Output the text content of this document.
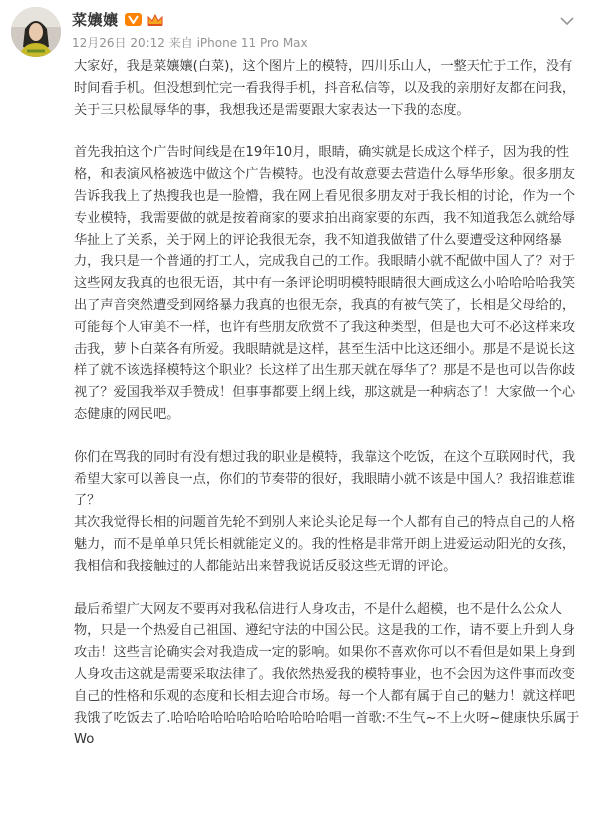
菜孃孃
12月26日 20:12 来自 iPhone 11 Pro Max

大家好，我是菜孃孃(白菜)，这个图片上的模特，四川乐山人，一整天忙于工作，没有时间看手机。但没想到忙完一看我得手机，抖音私信等，以及我的亲朋好友都在问我，关于三只松鼠辱华的事，我想我还是需要跟大家表达一下我的态度。

首先我拍这个广告时间线是在19年10月，眼睛，确实就是长成这个样子，因为我的性格，和表演风格被选中做这个广告模特。也没有故意要去营造什么辱华形象。很多朋友告诉我我上了热搜我也是一脸懵，我在网上看见很多朋友对于我长相的讨论，作为一个专业模特，我需要做的就是按着商家的要求拍出商家要的东西，我不知道我怎么就给辱华扯上了关系，关于网上的评论我很无奈，我不知道我做错了什么要遭受这种网络暴力，我只是一个普通的打工人，完成我自己的工作。我眼睛小就不配做中国人了？对于这些网友我真的也很无语，其中有一条评论明明模特眼睛很大画成这么小哈哈哈哈我笑出了声音突然遭受到网络暴力我真的也很无奈，我真的有被气笑了，长相是父母给的，可能每个人审美不一样，也许有些朋友欣赏不了我这种类型，但是也大可不必这样来攻击我，萝卜白菜各有所爱。我眼睛就是这样，甚至生活中比这还细小。那是不是说长这样了就不该选择模特这个职业？长这样了出生那天就在辱华了？那是不是也可以告你歧视了？爱国我举双手赞成！但事事都要上纲上线，那这就是一种病态了！大家做一个心态健康的网民吧。

你们在骂我的同时有没有想过我的职业是模特，我靠这个吃饭，在这个互联网时代，我希望大家可以善良一点，你们的节奏带的很好，我眼睛小就不该是中国人？我招谁惹谁了？
其次我觉得长相的问题首先轮不到别人来论头论足每一个人都有自己的特点自己的人格魅力，而不是单单只凭长相就能定义的。我的性格是非常开朗上进爱运动阳光的女孩，我相信和我接触过的人都能站出来替我说话反驳这些无谓的评论。

最后希望广大网友不要再对我私信进行人身攻击，不是什么超模，也不是什么公众人物，只是一个热爱自己祖国、遵纪守法的中国公民。这是我的工作，请不要上升到人身攻击！这些言论确实会对我造成一定的影响。如果你不喜欢你可以不看但是如果上身到人身攻击这就是需要采取法律了。我依然热爱我的模特事业，也不会因为这件事而改变自己的性格和乐观的态度和长相去迎合市场。每一个人都有属于自己的魅力！就这样吧我饿了吃饭去了.哈哈哈哈哈哈哈哈哈哈哈哈唱一首歌:不生气~不上火呀~健康快乐属于Wo
